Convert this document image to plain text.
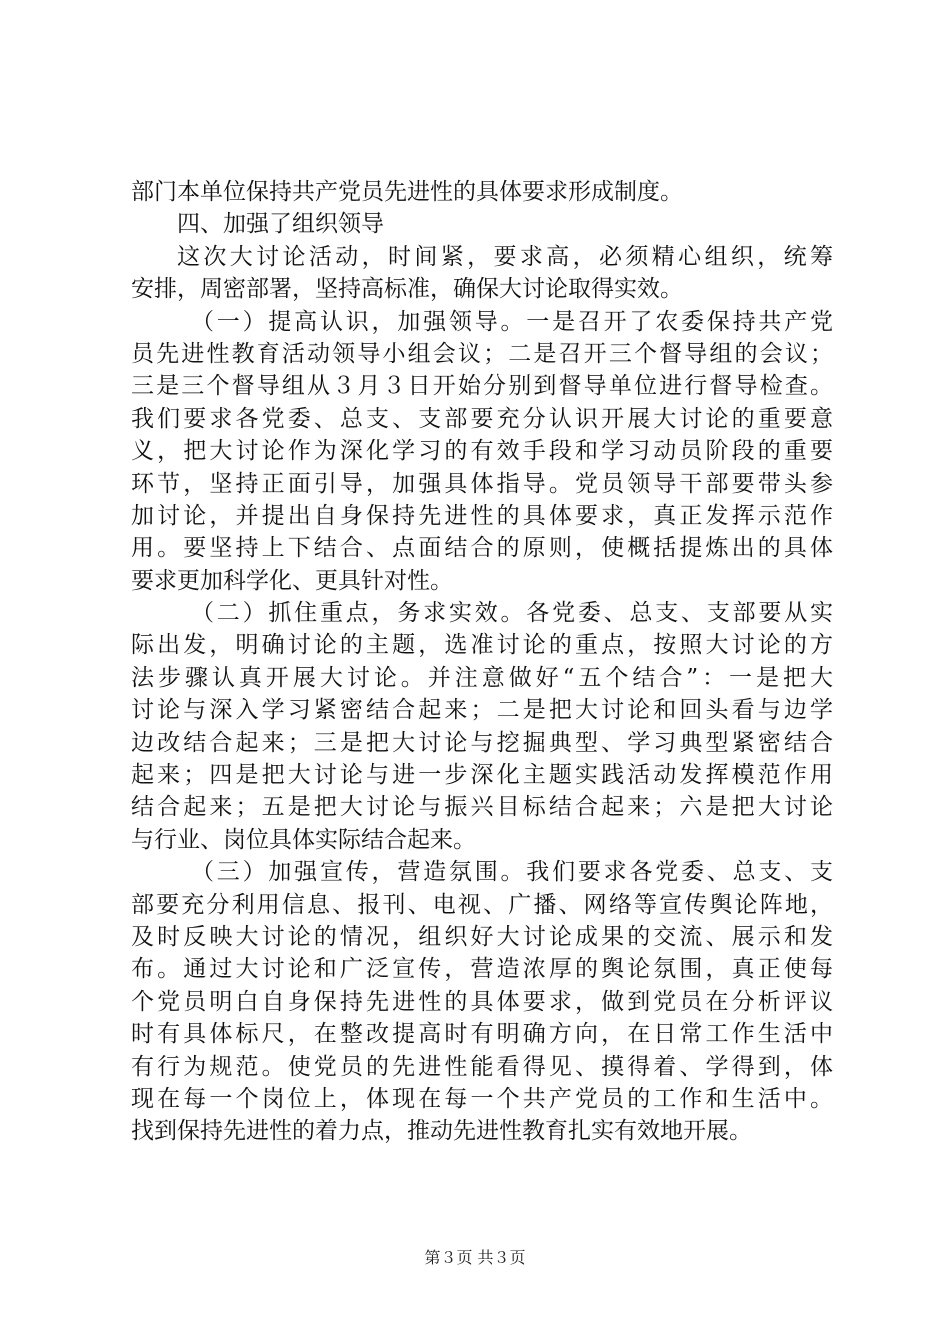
部门本单位保持共产党员先进性的具体要求形成制度。
四、加强了组织领导
这次大讨论活动，时间紧，要求高，必须精心组织，统筹
安排，周密部署，坚持高标准，确保大讨论取得实效。
（一）提高认识，加强领导。一是召开了农委保持共产党
员先进性教育活动领导小组会议；二是召开三个督导组的会议；
三是三个督导组从３月３日开始分别到督导单位进行督导检查。
我们要求各党委、总支、支部要充分认识开展大讨论的重要意
义，把大讨论作为深化学习的有效手段和学习动员阶段的重要
环节，坚持正面引导，加强具体指导。党员领导干部要带头参
加讨论，并提出自身保持先进性的具体要求，真正发挥示范作
用。要坚持上下结合、点面结合的原则，使概括提炼出的具体
要求更加科学化、更具针对性。
（二）抓住重点，务求实效。各党委、总支、支部要从实
际出发，明确讨论的主题，选准讨论的重点，按照大讨论的方
法步骤认真开展大讨论。并注意做好“五个结合”：一是把大
讨论与深入学习紧密结合起来；二是把大讨论和回头看与边学
边改结合起来；三是把大讨论与挖掘典型、学习典型紧密结合
起来；四是把大讨论与进一步深化主题实践活动发挥模范作用
结合起来；五是把大讨论与振兴目标结合起来；六是把大讨论
与行业、岗位具体实际结合起来。
（三）加强宣传，营造氛围。我们要求各党委、总支、支
部要充分利用信息、报刊、电视、广播、网络等宣传舆论阵地，
及时反映大讨论的情况，组织好大讨论成果的交流、展示和发
布。通过大讨论和广泛宣传，营造浓厚的舆论氛围，真正使每
个党员明白自身保持先进性的具体要求，做到党员在分析评议
时有具体标尺，在整改提高时有明确方向，在日常工作生活中
有行为规范。使党员的先进性能看得见、摸得着、学得到，体
现在每一个岗位上，体现在每一个共产党员的工作和生活中。
找到保持先进性的着力点，推动先进性教育扎实有效地开展。
第３页 共３页
